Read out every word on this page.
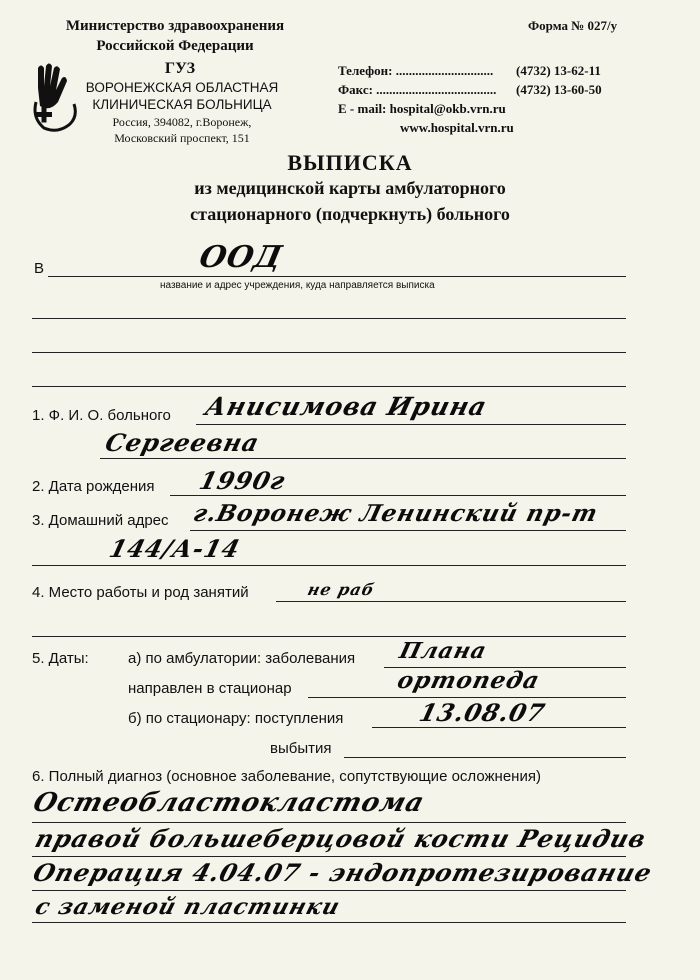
Министерство здравоохранения
Российской Федерации
ГУЗ
ВОРОНЕЖСКАЯ ОБЛАСТНАЯ
КЛИНИЧЕСКАЯ БОЛЬНИЦА
Россия, 394082, г.Воронеж,
Московский проспект, 151
Форма № 027/у
Телефон: .............................. (4732) 13-62-11
Факс: ..................................... (4732) 13-60-50
E - mail: hospital@okb.vrn.ru
www.hospital.vrn.ru
ВЫПИСКА
из медицинской карты амбулаторного
стационарного (подчеркнуть) больного
В	ООД
название и адрес учреждения, куда направляется выписка
1. Ф. И. О. больного Анисимова Ирина
Сергеевна
2. Дата рождения 1990г
3. Домашний адрес г.Воронеж Ленинский пр-т
144/А-14
4. Место работы и род занятий	не раб
5. Даты:	а) по амбулатории: заболевания Плана
направлен в стационар	ортопеда
б) по стационару: поступления	13.08.07
выбытия
6. Полный диагноз (основное заболевание, сопутствующие осложнения)
Остеобластокластома
правой большеберцовой кости Рецидив
Операция 4.04.07 - эндопротезирование
с заменой пластинки
